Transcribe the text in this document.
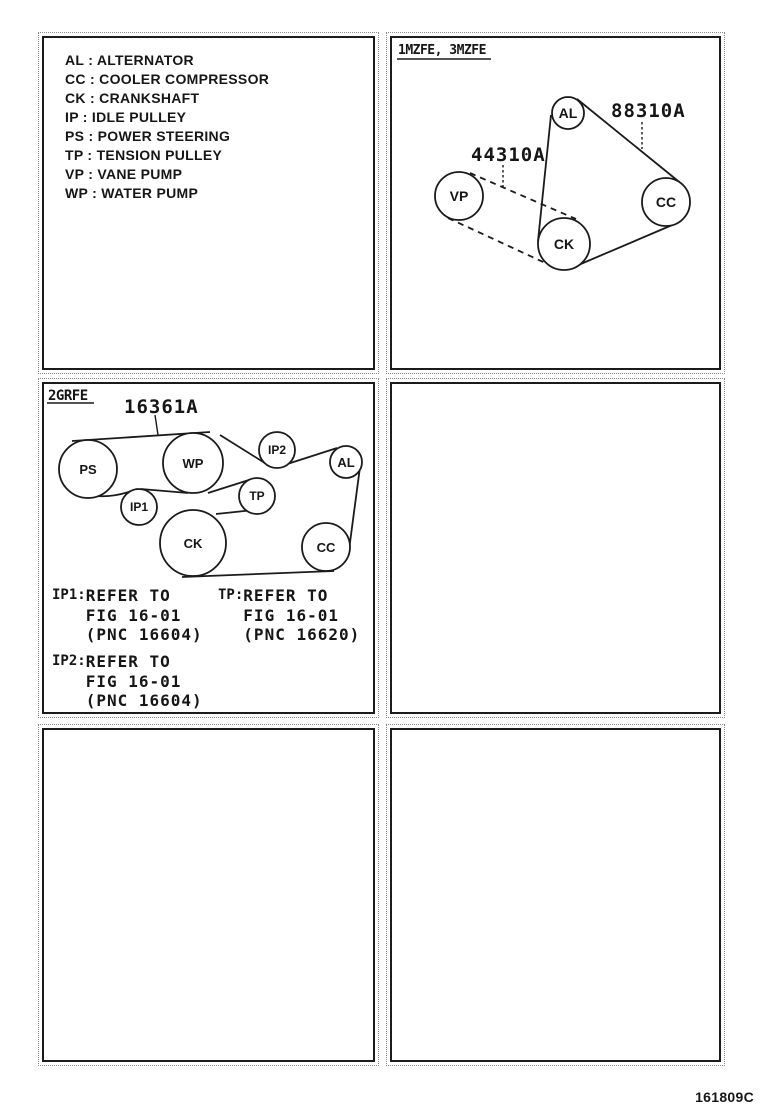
AL : ALTERNATOR
CC : COOLER COMPRESSOR
CK : CRANKSHAFT
IP : IDLE PULLEY
PS : POWER STEERING
TP : TENSION PULLEY
VP : VANE PUMP
WP : WATER PUMP
1MZFE, 3MZFE
AL
VP	CC
CK
88310A
44310A
2GRFE
PS	WP
IP2
AL
IP1
TP
CK	CC
16361A
IP1: REFER TO
FIG 16-01
(PNC 16604)
TP: REFER TO
FIG 16-01
(PNC 16620)
IP2: REFER TO
FIG 16-01
(PNC 16604)
161809C
